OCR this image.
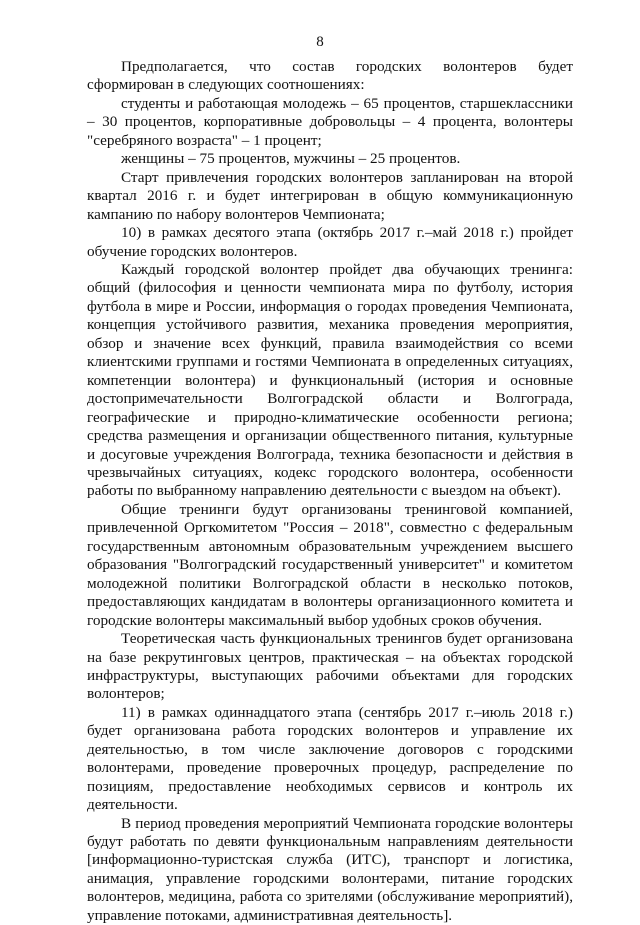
8

Предполагается, что состав городских волонтеров будет сформирован в следующих соотношениях:

студенты и работающая молодежь – 65 процентов, старшеклассники – 30 процентов, корпоративные добровольцы – 4 процента, волонтеры "серебряного возраста" – 1 процент;

женщины – 75 процентов, мужчины – 25 процентов.

Старт привлечения городских волонтеров запланирован на второй квартал 2016 г. и будет интегрирован в общую коммуникационную кампанию по набору волонтеров Чемпионата;

10) в рамках десятого этапа (октябрь 2017 г.–май 2018 г.) пройдет обучение городских волонтеров.

Каждый городской волонтер пройдет два обучающих тренинга: общий (философия и ценности чемпионата мира по футболу, история футбола в мире и России, информация о городах проведения Чемпионата, концепция устойчивого развития, механика проведения мероприятия, обзор и значение всех функций, правила взаимодействия со всеми клиентскими группами и гостями Чемпионата в определенных ситуациях, компетенции волонтера) и функциональный (история и основные достопримечательности Волгоградской области и Волгограда, географические и природно-климатические особенности региона; средства размещения и организации общественного питания, культурные и досуговые учреждения Волгограда, техника безопасности и действия в чрезвычайных ситуациях, кодекс городского волонтера, особенности работы по выбранному направлению деятельности с выездом на объект).

Общие тренинги будут организованы тренинговой компанией, привлеченной Оргкомитетом "Россия – 2018", совместно с федеральным государственным автономным образовательным учреждением высшего образования "Волгоградский государственный университет" и комитетом молодежной политики Волгоградской области в несколько потоков, предоставляющих кандидатам в волонтеры организационного комитета и городские волонтеры максимальный выбор удобных сроков обучения.

Теоретическая часть функциональных тренингов будет организована на базе рекрутинговых центров, практическая – на объектах городской инфраструктуры, выступающих рабочими объектами для городских волонтеров;

11) в рамках одиннадцатого этапа (сентябрь 2017 г.–июль 2018 г.) будет организована работа городских волонтеров и управление их деятельностью, в том числе заключение договоров с городскими волонтерами, проведение проверочных процедур, распределение по позициям, предоставление необходимых сервисов и контроль их деятельности.

В период проведения мероприятий Чемпионата городские волонтеры будут работать по девяти функциональным направлениям деятельности [информационно-туристская служба (ИТС), транспорт и логистика, анимация, управление городскими волонтерами, питание городских волонтеров, медицина, работа со зрителями (обслуживание мероприятий), управление потоками, административная деятельность].
